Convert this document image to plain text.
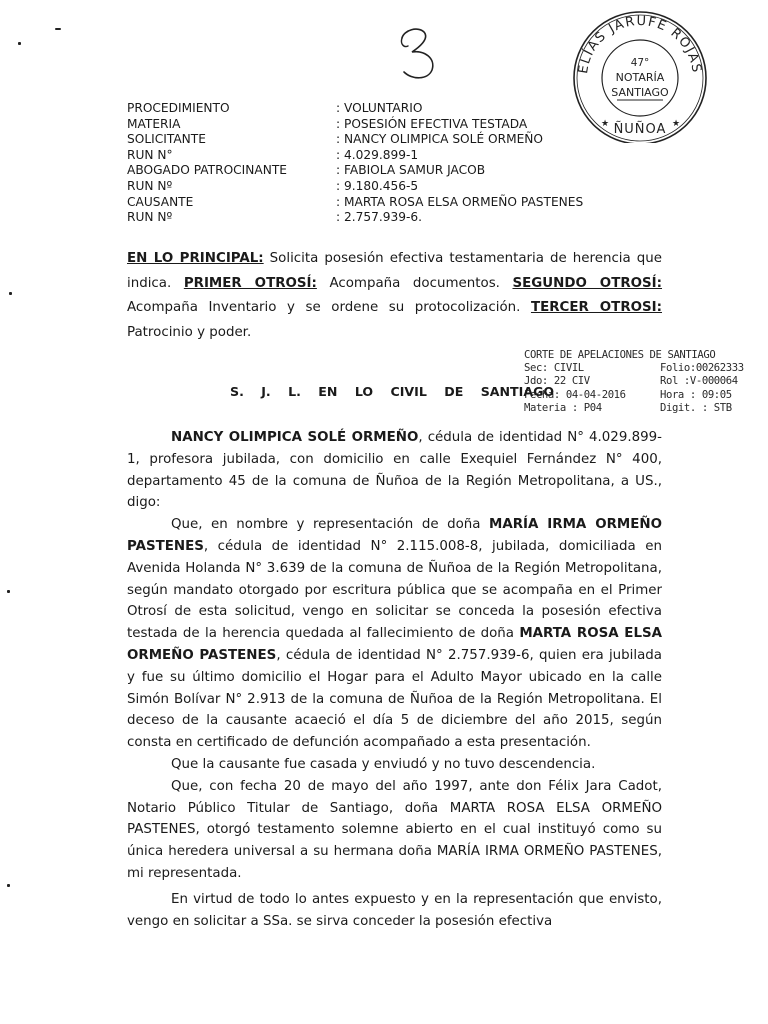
ELÍAS JARUFE ROJAS
47°
NOTARÍA
SANTIAGO
ÑUÑOA
★	★
PROCEDIMIENTO	: VOLUNTARIO
MATERIA	: POSESIÓN EFECTIVA TESTADA
SOLICITANTE	: NANCY OLIMPICA SOLÉ ORMEÑO
RUN N°	: 4.029.899-1
ABOGADO PATROCINANTE	: FABIOLA SAMUR JACOB
RUN Nº	: 9.180.456-5
CAUSANTE	: MARTA ROSA ELSA ORMEÑO PASTENES
RUN Nº	: 2.757.939-6.
EN LO PRINCIPAL: Solicita posesión efectiva testamentaria de herencia que indica. PRIMER OTROSÍ: Acompaña documentos. SEGUNDO OTROSÍ: Acompaña Inventario y se ordene su protocolización. TERCER OTROSI: Patrocinio y poder.
CORTE DE APELACIONES DE SANTIAGO
Sec: CIVIL	Folio:00262333
Jdo: 22 CIV	Rol :V-000064
Fecha: 04-04-2016	Hora : 09:05
Materia : P04	Digit. : STB
S. J. L. EN LO CIVIL DE SANTIAGO

NANCY OLIMPICA SOLÉ ORMEÑO, cédula de identidad N° 4.029.899-1, profesora jubilada, con domicilio en calle Exequiel Fernández N° 400, departamento 45 de la comuna de Ñuñoa de la Región Metropolitana, a US., digo:

Que, en nombre y representación de doña MARÍA IRMA ORMEÑO PASTENES, cédula de identidad N° 2.115.008-8, jubilada, domiciliada en Avenida Holanda N° 3.639 de la comuna de Ñuñoa de la Región Metropolitana, según mandato otorgado por escritura pública que se acompaña en el Primer Otrosí de esta solicitud, vengo en solicitar se conceda la posesión efectiva testada de la herencia quedada al fallecimiento de doña MARTA ROSA ELSA ORMEÑO PASTENES, cédula de identidad N° 2.757.939-6, quien era jubilada y fue su último domicilio el Hogar para el Adulto Mayor ubicado en la calle Simón Bolívar N° 2.913 de la comuna de Ñuñoa de la Región Metropolitana. El deceso de la causante acaeció el día 5 de diciembre del año 2015, según consta en certificado de defunción acompañado a esta presentación.

Que la causante fue casada y enviudó y no tuvo descendencia.

Que, con fecha 20 de mayo del año 1997, ante don Félix Jara Cadot, Notario Público Titular de Santiago, doña MARTA ROSA ELSA ORMEÑO PASTENES, otorgó testamento solemne abierto en el cual instituyó como su única heredera universal a su hermana doña MARÍA IRMA ORMEÑO PASTENES, mi representada.

En virtud de todo lo antes expuesto y en la representación que envisto, vengo en solicitar a SSa. se sirva conceder la posesión efectiva
